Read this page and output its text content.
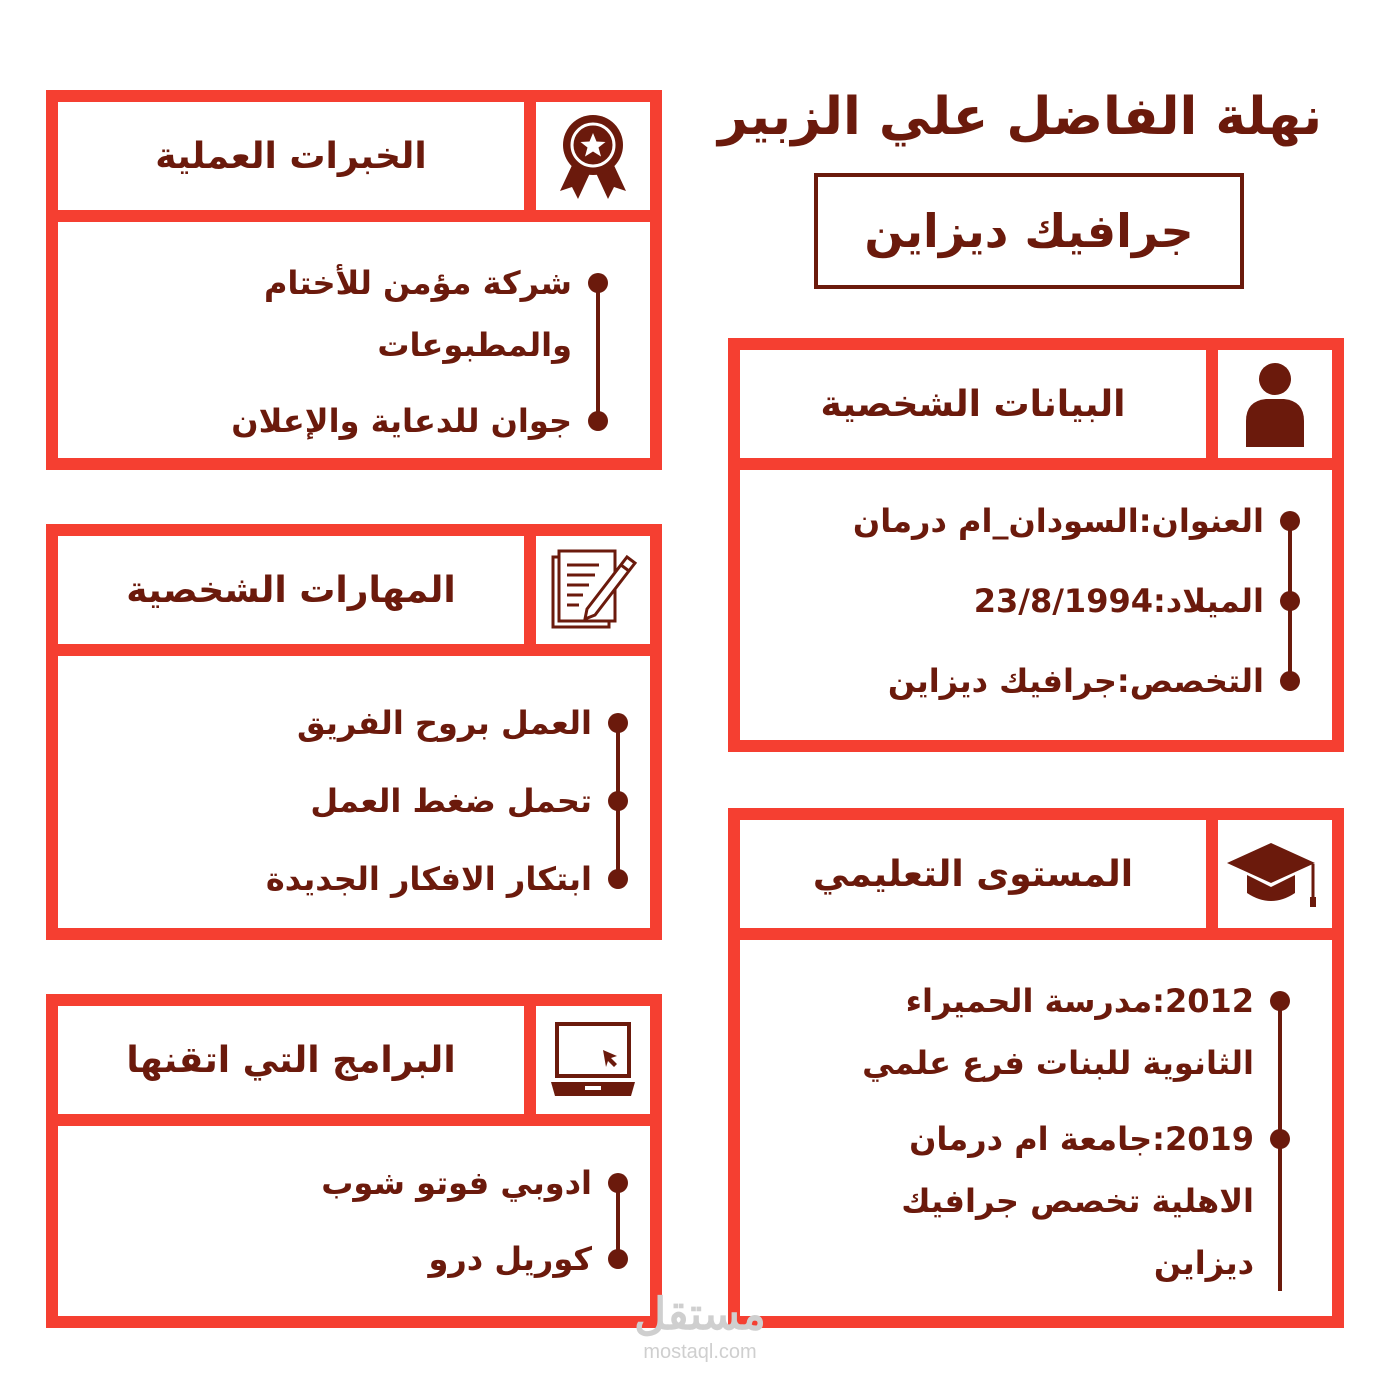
نهلة الفاضل علي الزبير
جرافيك ديزاين
البيانات الشخصية
العنوان:السودان_ام درمان
الميلاد:23/8/1994
التخصص:جرافيك ديزاين
المستوى التعليمي
2012:مدرسة الحميراء الثانوية للبنات فرع علمي
2019:جامعة ام درمان الاهلية تخصص جرافيك ديزاين
الخبرات العملية
شركة مؤمن للأختام والمطبوعات
جوان للدعاية والإعلان
المهارات الشخصية
العمل بروح الفريق
تحمل ضغط العمل
ابتكار الافكار الجديدة
البرامج التي اتقنها
ادوبي فوتو شوب
كوريل درو
مستقل
mostaql.com
